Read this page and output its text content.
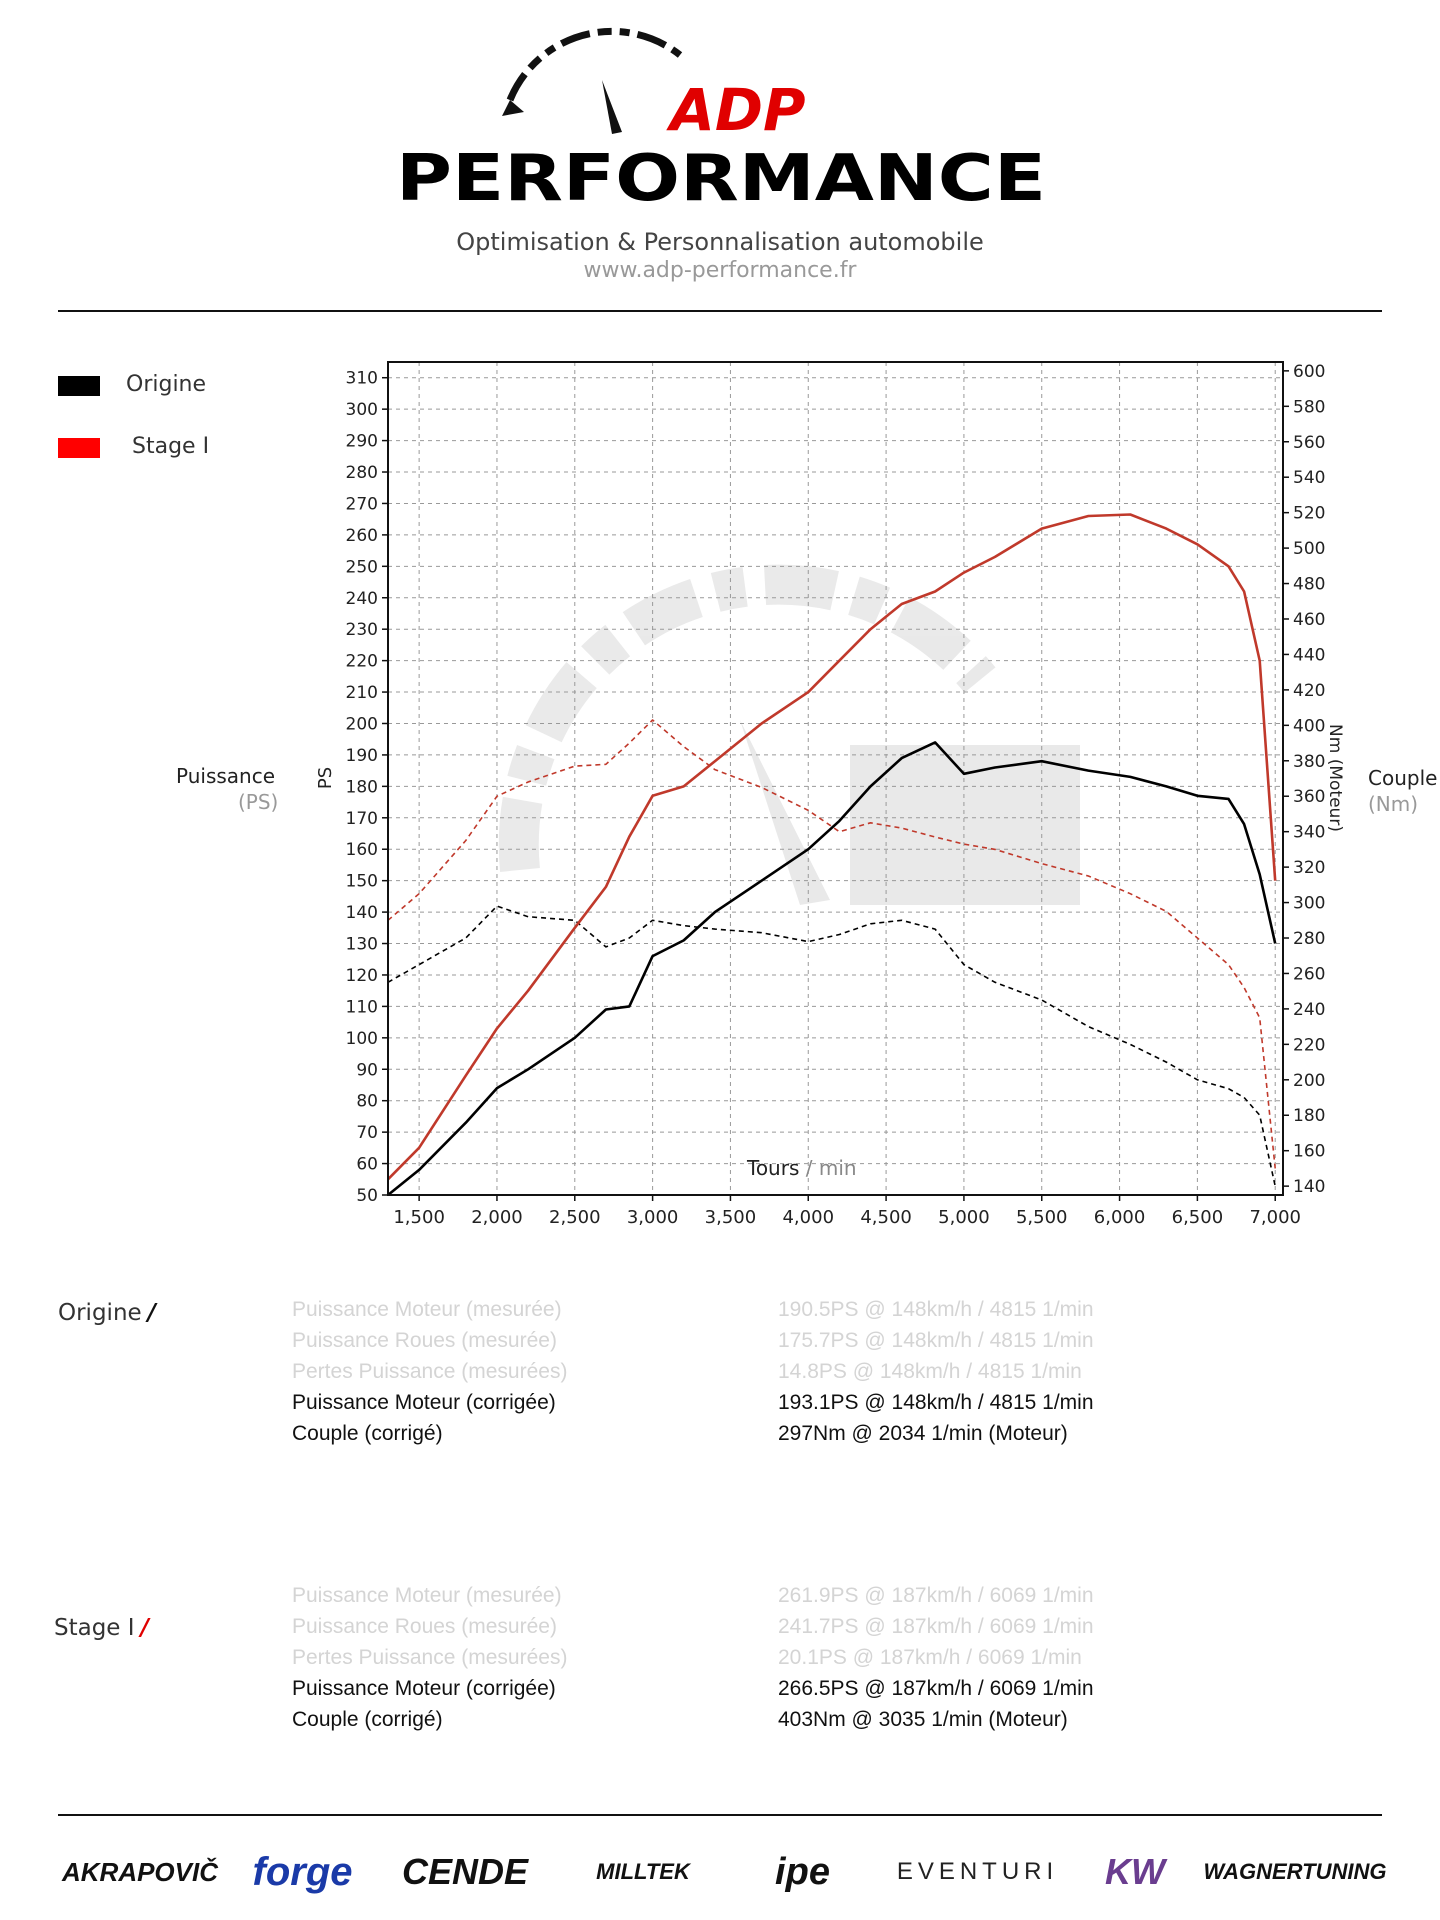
ADP
PERFORMANCE
Optimisation & Personnalisation automobile
www.adp-performance.fr
Origine
Stage I
Puissance
(PS)
Couple
(Nm)
1,500 2,000 2,500 3,000 3,500 4,000 4,500 5,000 5,500 6,000 6,500 7,000
50
60
70
80
90
100
110
120
130
140
150
160
170
180
190
200
210
220
230
240
250
260
270
280
290
300
310
140
160
180
200
220
240
260
280
300
320
340
360
380
400
420
440
460
480
500
520
540
560
580
600
PS	Nm (Moteur)
Tours / min
Origine /	Puissance Moteur (mesurée)	190.5PS @ 148km/h / 4815 1/min
Puissance Roues (mesurée)	175.7PS @ 148km/h / 4815 1/min
Pertes Puissance (mesurées)	14.8PS @ 148km/h / 4815 1/min
Puissance Moteur (corrigée)	193.1PS @ 148km/h / 4815 1/min
Couple (corrigé)	297Nm @ 2034 1/min (Moteur)
Stage I /
Puissance Moteur (mesurée)	261.9PS @ 187km/h / 6069 1/min
Puissance Roues (mesurée)	241.7PS @ 187km/h / 6069 1/min
Pertes Puissance (mesurées)	20.1PS @ 187km/h / 6069 1/min
Puissance Moteur (corrigée)	266.5PS @ 187km/h / 6069 1/min
Couple (corrigé)	403Nm @ 3035 1/min (Moteur)
AKRAPOVIČ forge	CENDE	MILLTEK	ipe	EVENTURI	KW	WAGNERTUNING
